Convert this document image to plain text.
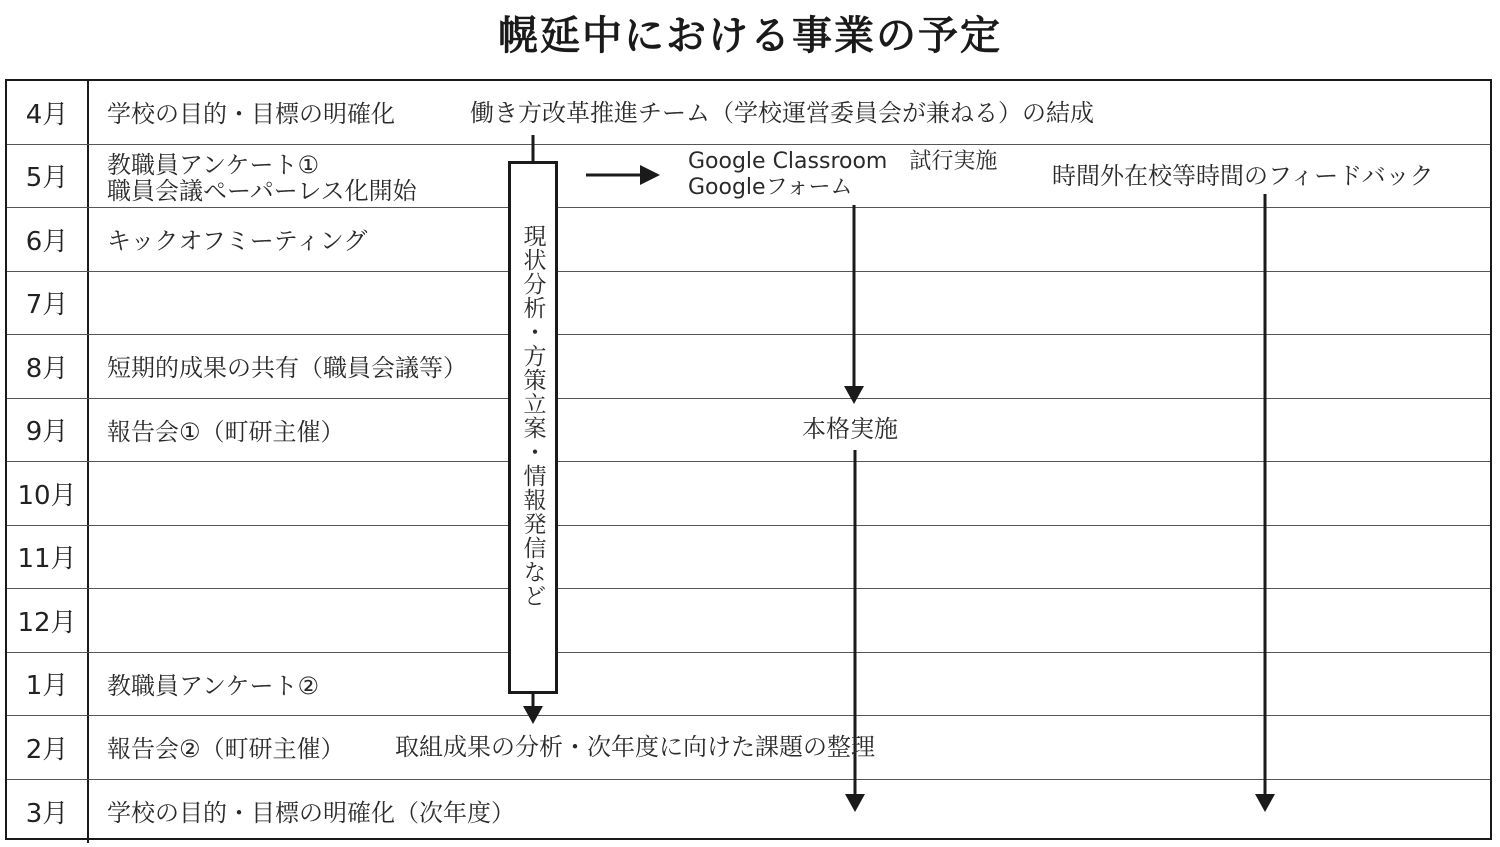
幌延中における事業の予定
4月	学校の目的・目標の明確化
5月	教職員アンケート①
職員会議ペーパーレス化開始
6月	キックオフミーティング
7月
8月	短期的成果の共有（職員会議等）
9月	報告会①（町研主催）
10月
11月
12月
1月	教職員アンケート②
2月	報告会②（町研主催）
3月	学校の目的・目標の明確化（次年度）
働き方改革推進チーム（学校運営委員会が兼ねる）の結成
現状分析・方策立案・情報発信など
Google Classroom　試行実施
Googleフォーム	時間外在校等時間のフィードバック
本格実施
取組成果の分析・次年度に向けた課題の整理
